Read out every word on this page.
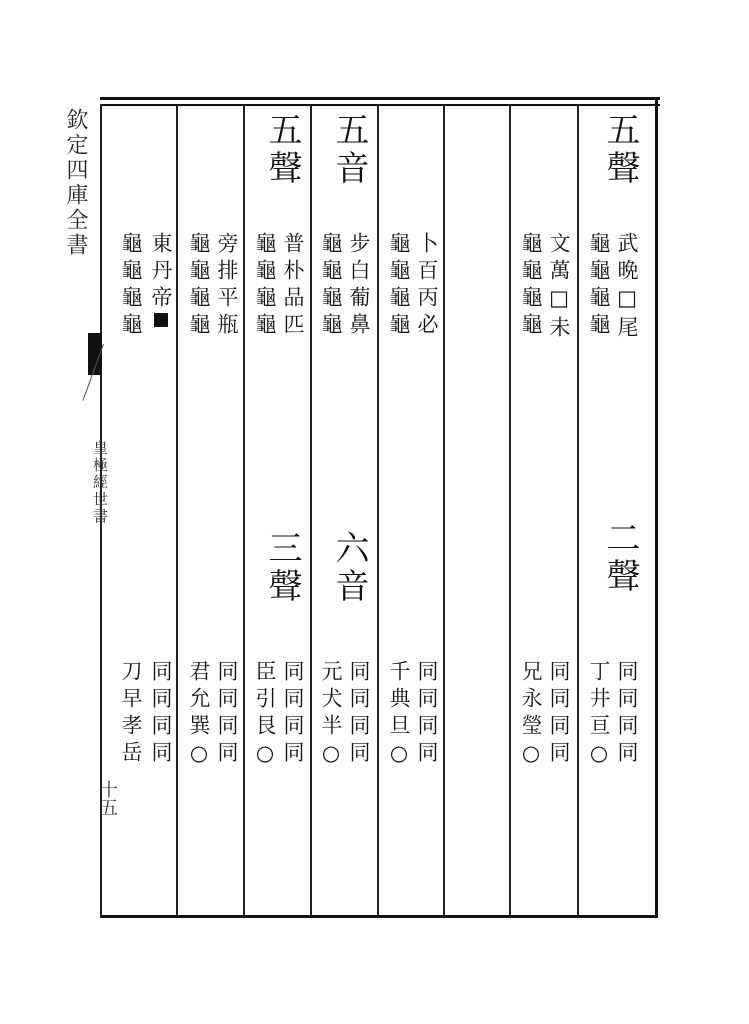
欽定四庫全書
皇極經世書
十五
五聲
武晩□尾
龜龜龜龜
二聲
同同同同
丁井亘○
文萬□未
龜龜龜龜
同同同同
兄永瑩○
卜百丙必
龜龜龜龜
同同同同
千典旦○
五音
步白葡鼻
龜龜龜龜
六音
同同同同
元犬半○
五聲
普朴品匹
龜龜龜龜
三聲
同同同同
臣引艮○
旁排平瓶
龜龜龜龜
同同同同
君允巽○
東丹帝
龜龜龜龜
同同同同
刀早孝岳
